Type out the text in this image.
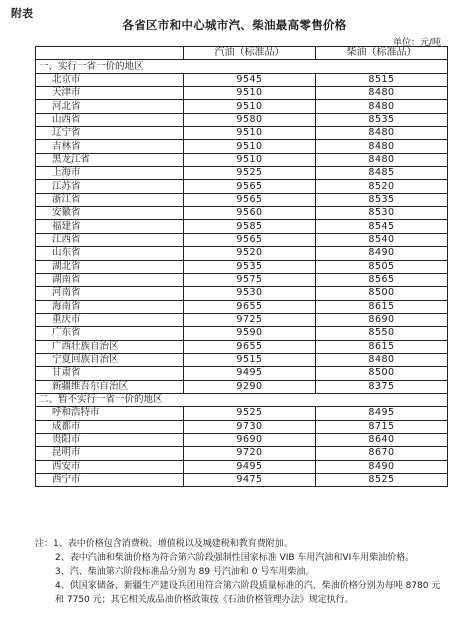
附表
各省区市和中心城市汽、柴油最高零售价格
单位：元/吨
	汽油（标准品）	柴油（标准品）
一、实行一省一价的地区		
北京市	9545	8515
天津市	9510	8480
河北省	9510	8480
山西省	9580	8535
辽宁省	9510	8480
吉林省	9510	8480
黑龙江省	9510	8480
上海市	9525	8485
江苏省	9565	8520
浙江省	9565	8535
安徽省	9560	8530
福建省	9585	8545
江西省	9565	8540
山东省	9520	8490
湖北省	9535	8505
湖南省	9575	8565
河南省	9530	8500
海南省	9655	8615
重庆市	9725	8690
广东省	9590	8550
广西壮族自治区	9655	8615
宁夏回族自治区	9515	8480
甘肃省	9495	8500
新疆维吾尔自治区	9290	8375
二、暂不实行一省一价的地区		
呼和浩特市	9525	8495
成都市	9730	8715
贵阳市	9690	8640
昆明市	9720	8670
西安市	9495	8490
西宁市	9475	8525

注：1、表中价格包含消费税、增值税以及城建税和教育费附加。

2、表中汽油和柴油价格为符合第六阶段强制性国家标准 VIB 车用汽油和VI车用柴油价格。

3、汽、柴油第六阶段标准品分别为 89 号汽油和 0 号车用柴油。

4、供国家储备、新疆生产建设兵团用符合第六阶段质量标准的汽、柴油价格分别为每吨 8780 元和 7750 元；其它相关成品油价格政策按《石油价格管理办法》规定执行。
